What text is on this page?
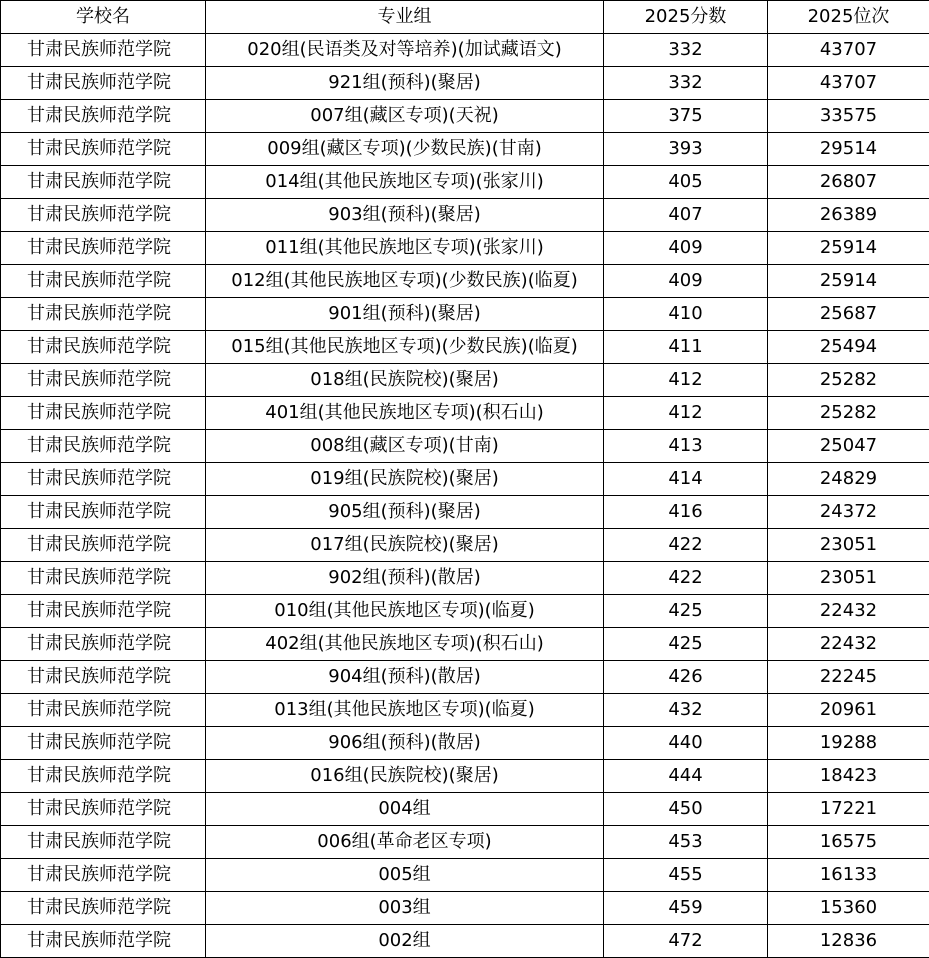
学校名	专业组	2025分数	2025位次
甘肃民族师范学院	020组(民语类及对等培养)(加试藏语文)	332	43707
甘肃民族师范学院	921组(预科)(聚居)	332	43707
甘肃民族师范学院	007组(藏区专项)(天祝)	375	33575
甘肃民族师范学院	009组(藏区专项)(少数民族)(甘南)	393	29514
甘肃民族师范学院	014组(其他民族地区专项)(张家川)	405	26807
甘肃民族师范学院	903组(预科)(聚居)	407	26389
甘肃民族师范学院	011组(其他民族地区专项)(张家川)	409	25914
甘肃民族师范学院	012组(其他民族地区专项)(少数民族)(临夏)	409	25914
甘肃民族师范学院	901组(预科)(聚居)	410	25687
甘肃民族师范学院	015组(其他民族地区专项)(少数民族)(临夏)	411	25494
甘肃民族师范学院	018组(民族院校)(聚居)	412	25282
甘肃民族师范学院	401组(其他民族地区专项)(积石山)	412	25282
甘肃民族师范学院	008组(藏区专项)(甘南)	413	25047
甘肃民族师范学院	019组(民族院校)(聚居)	414	24829
甘肃民族师范学院	905组(预科)(聚居)	416	24372
甘肃民族师范学院	017组(民族院校)(聚居)	422	23051
甘肃民族师范学院	902组(预科)(散居)	422	23051
甘肃民族师范学院	010组(其他民族地区专项)(临夏)	425	22432
甘肃民族师范学院	402组(其他民族地区专项)(积石山)	425	22432
甘肃民族师范学院	904组(预科)(散居)	426	22245
甘肃民族师范学院	013组(其他民族地区专项)(临夏)	432	20961
甘肃民族师范学院	906组(预科)(散居)	440	19288
甘肃民族师范学院	016组(民族院校)(聚居)	444	18423
甘肃民族师范学院	004组	450	17221
甘肃民族师范学院	006组(革命老区专项)	453	16575
甘肃民族师范学院	005组	455	16133
甘肃民族师范学院	003组	459	15360
甘肃民族师范学院	002组	472	12836
